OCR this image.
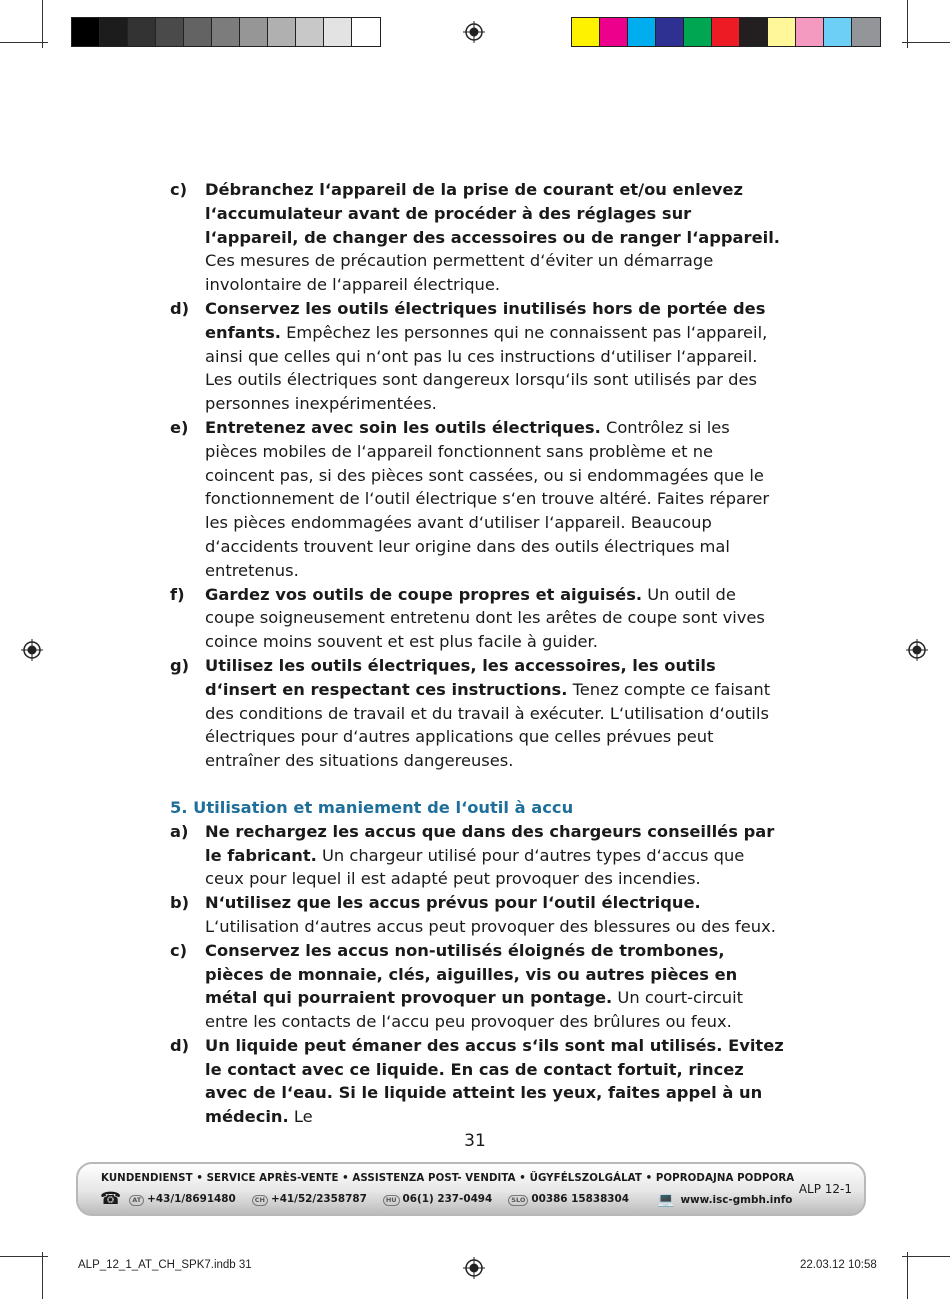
c)	Débranchez l‘appareil de la prise de courant et/ou enlevez l‘accumulateur avant de procéder à des réglages sur l‘appareil, de changer des accessoires ou de ranger l‘appareil. Ces mesures de précaution permettent d‘éviter un démarrage involontaire de l‘appareil électrique.
d) Conservez les outils électriques inutilisés hors de portée des enfants. Empêchez les personnes qui ne connaissent pas l‘appareil, ainsi que celles qui n‘ont pas lu ces instructions d‘utiliser l‘appareil. Les outils électriques sont dangereux lorsqu‘ils sont utilisés par des personnes inexpérimentées.
e)	Entretenez avec soin les outils électriques. Contrôlez si les pièces mobiles de l‘appareil fonctionnent sans problème et ne coincent pas, si des pièces sont cassées, ou si endommagées que le fonctionnement de l‘outil électrique s‘en trouve altéré. Faites réparer les pièces endommagées avant d‘utiliser l‘appareil. Beaucoup d‘accidents trouvent leur origine dans des outils électriques mal entretenus.
f)	Gardez vos outils de coupe propres et aiguisés. Un outil de coupe soigneusement entretenu dont les arêtes de coupe sont vives coince moins souvent et est plus facile à guider.
g) Utilisez les outils électriques, les accessoires, les outils d‘insert en respectant ces instructions. Tenez compte ce faisant des conditions de travail et du travail à exécuter. L‘utilisation d‘outils électriques pour d‘autres applications que celles prévues peut entraîner des situations dangereuses.
5. Utilisation et maniement de l‘outil à accu
a)	Ne rechargez les accus que dans des chargeurs conseillés par le fabricant. Un chargeur utilisé pour d‘autres types d‘accus que ceux pour lequel il est adapté peut provoquer des incendies.
b) N‘utilisez que les accus prévus pour l‘outil électrique. L‘utilisation d‘autres accus peut provoquer des blessures ou des feux.
c)	Conservez les accus non-utilisés éloignés de trombones, pièces de monnaie, clés, aiguilles, vis ou autres pièces en métal qui pourraient provoquer un pontage. Un court-circuit entre les contacts de l‘accu peu provoquer des brûlures ou feux.
d) Un liquide peut émaner des accus s‘ils sont mal utilisés. Evitez le contact avec ce liquide. En cas de contact fortuit, rincez avec de l‘eau. Si le liquide atteint les yeux, faites appel à un médecin. Le
31
KUNDENDIENST • SERVICE APRÈS-VENTE • ASSISTENZA POST- VENDITA • ÜGYFÉLSZOLGÁLAT • POPRODAJNA PODPORA
☎	AT +43/1/8691480	CH +41/52/2358787	HU 06(1) 237-0494	SLO 00386 15838304	💻 www.isc-gmbh.info
ALP 12-1
ALP_12_1_AT_CH_SPK7.indb 31	22.03.12 10:58
